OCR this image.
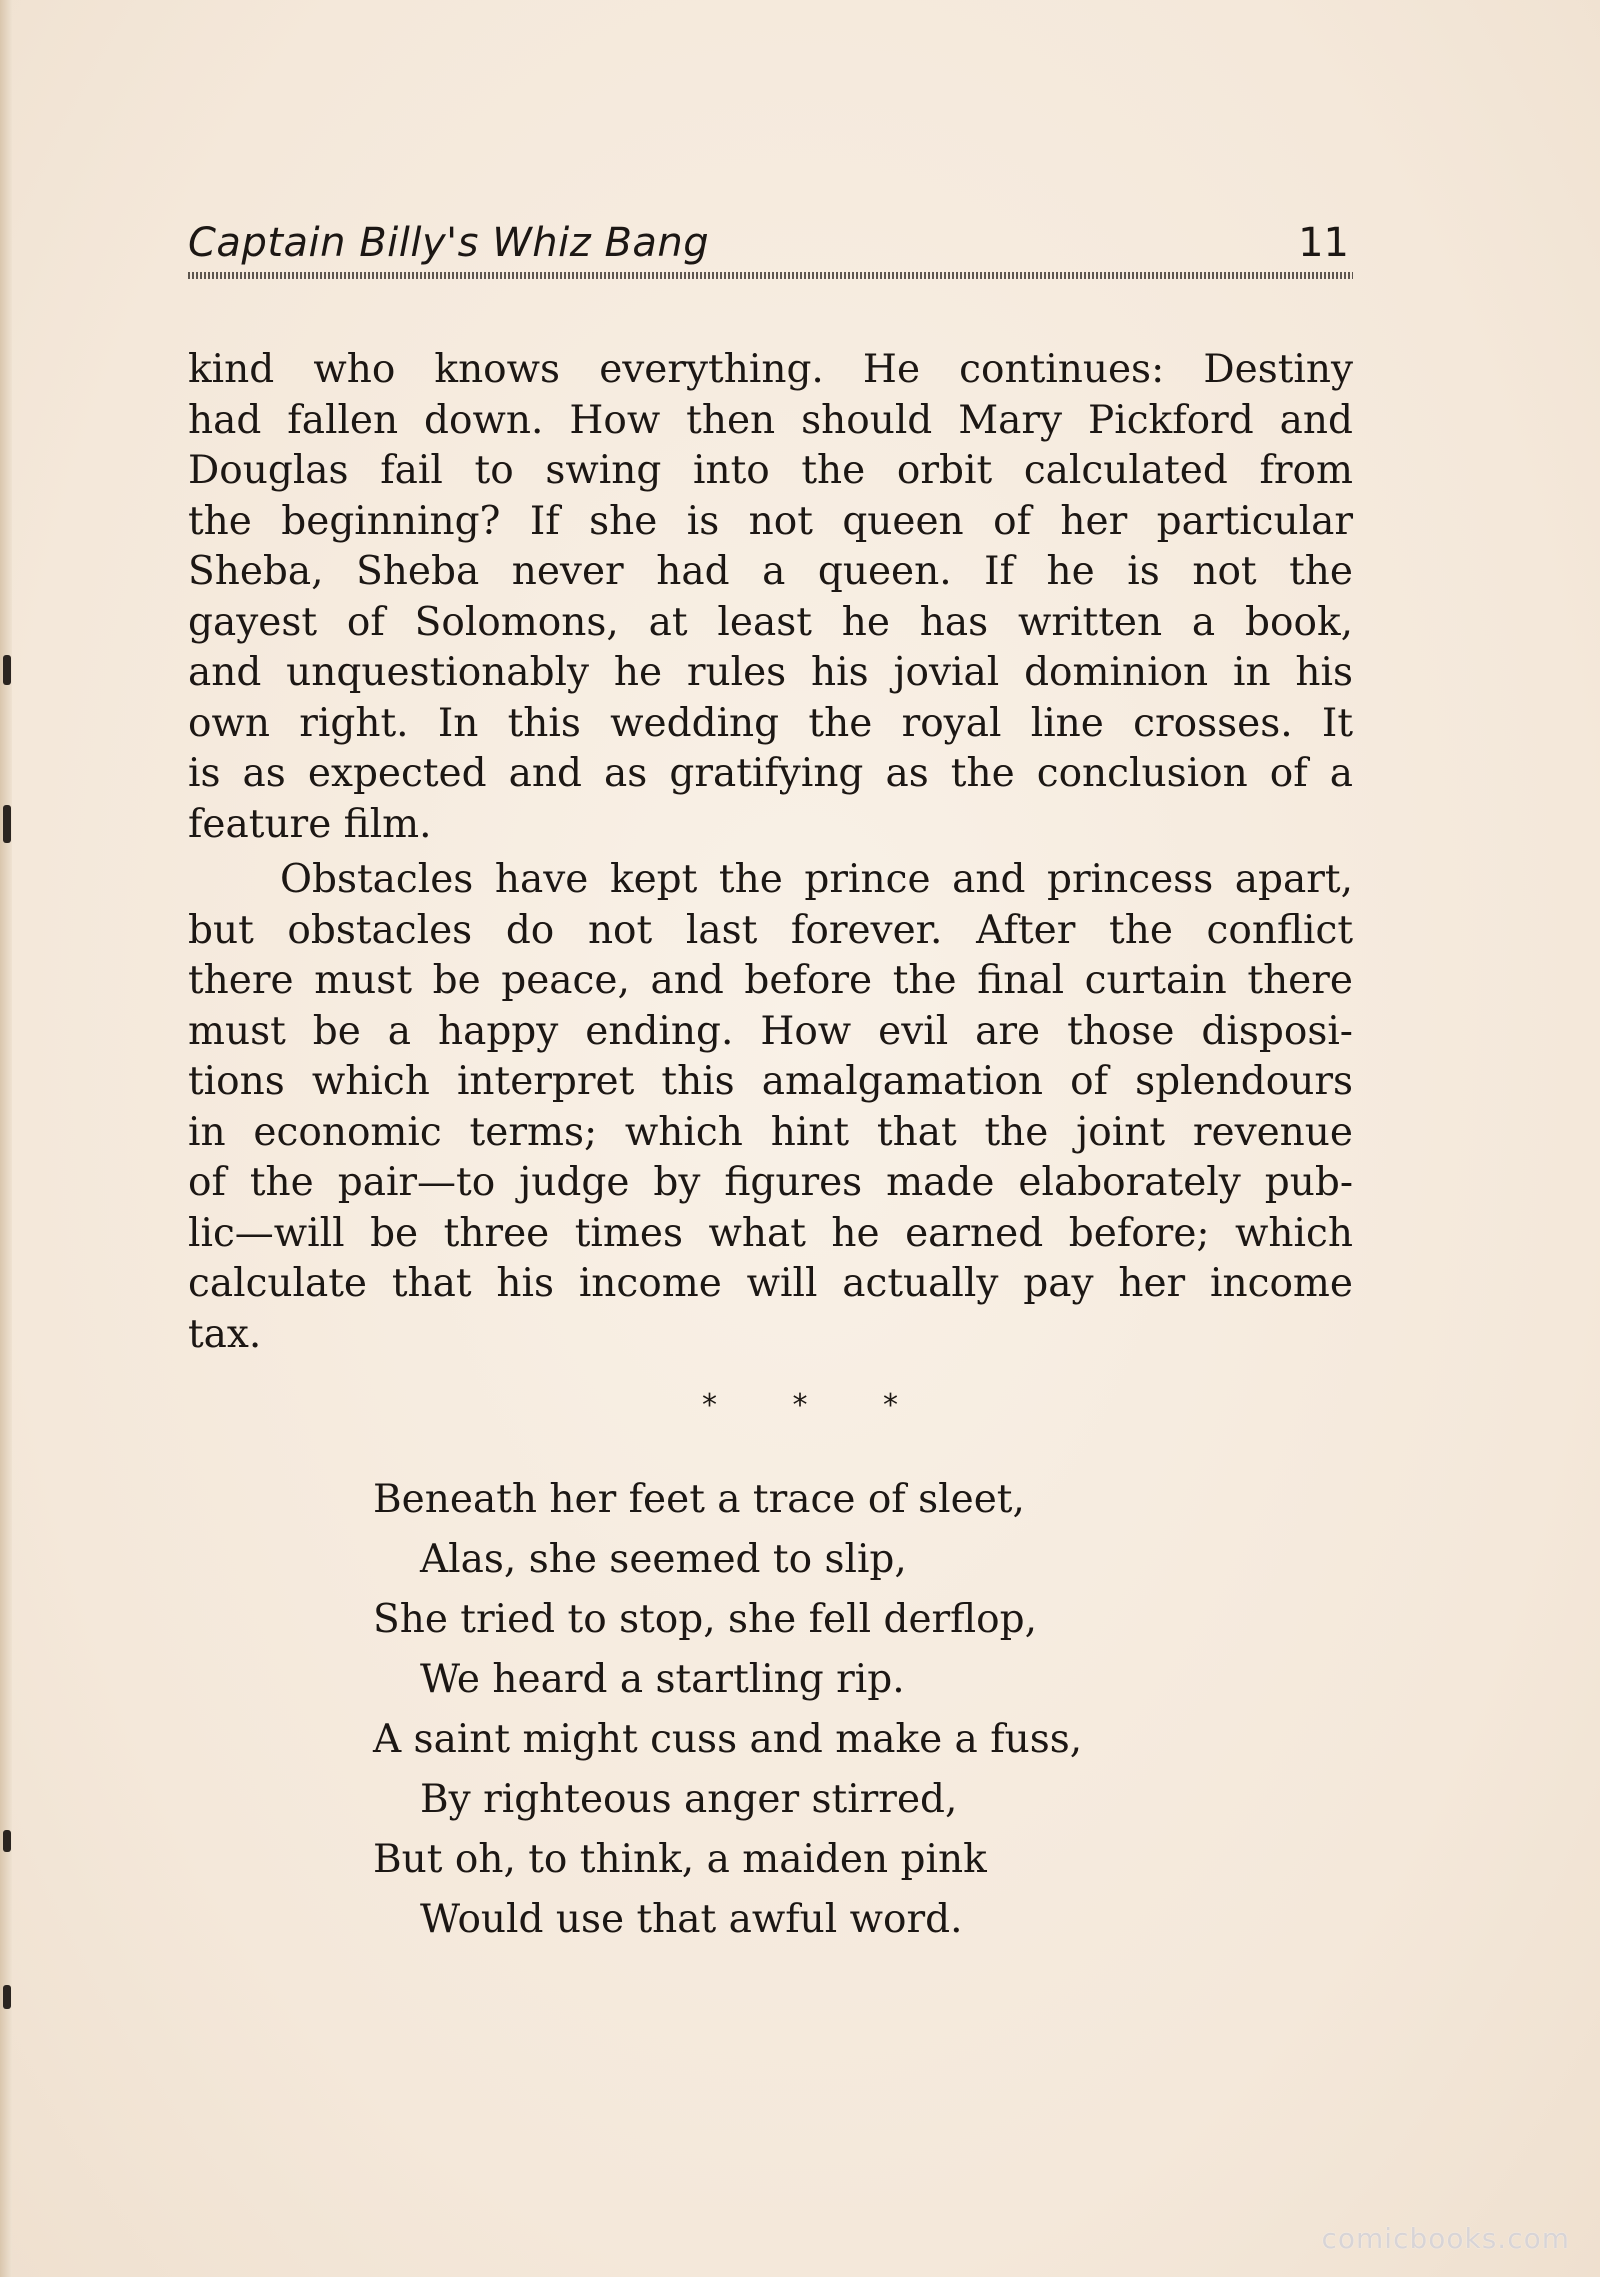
Captain Billy's Whiz Bang	11
kind who knows everything. He continues: Destiny
had fallen down. How then should Mary Pickford and
Douglas fail to swing into the orbit calculated from
the beginning? If she is not queen of her particular
Sheba, Sheba never had a queen. If he is not the
gayest of Solomons, at least he has written a book,
and unquestionably he rules his jovial dominion in his
own right. In this wedding the royal line crosses. It
is as expected and as gratifying as the conclusion of a
feature film.
Obstacles have kept the prince and princess apart,
but obstacles do not last forever. After the conflict
there must be peace, and before the final curtain there
must be a happy ending. How evil are those disposi-
tions which interpret this amalgamation of splendours
in economic terms; which hint that the joint revenue
of the pair—to judge by figures made elaborately pub-
lic—will be three times what he earned before; which
calculate that his income will actually pay her income
tax.
*	*	*
Beneath her feet a trace of sleet,
Alas, she seemed to slip,
She tried to stop, she fell derflop,
We heard a startling rip.
A saint might cuss and make a fuss,
By righteous anger stirred,
But oh, to think, a maiden pink
Would use that awful word.
comicbooks.com
